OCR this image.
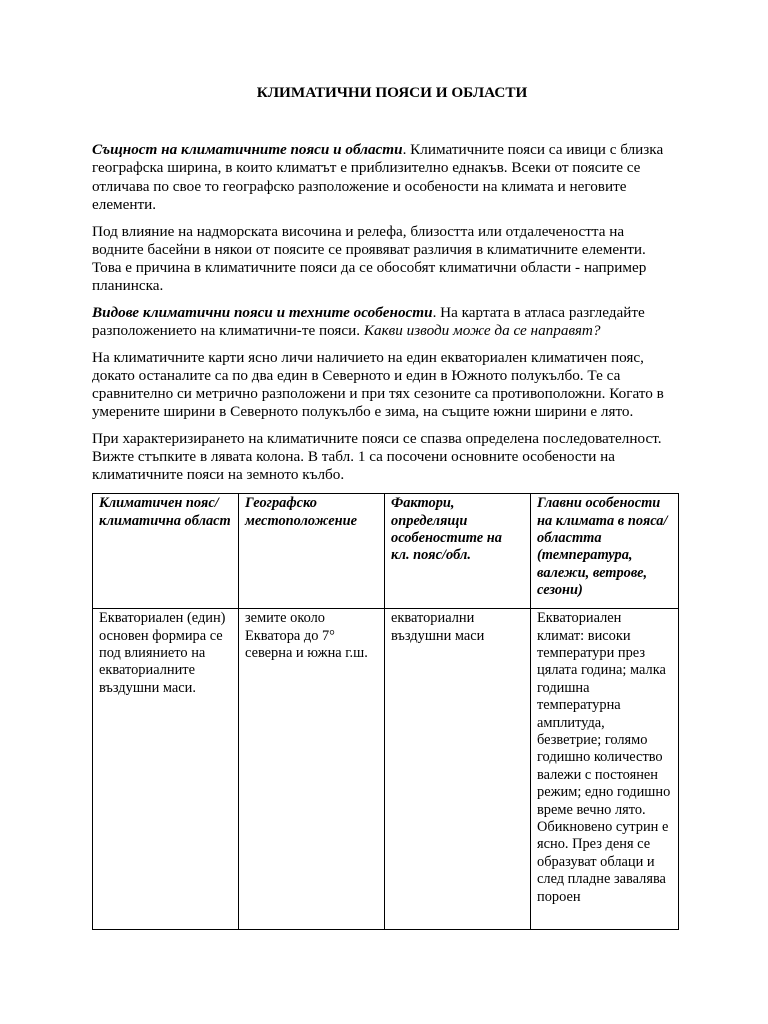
КЛИМАТИЧНИ ПОЯСИ И ОБЛАСТИ

Същност на климатичните пояси и области. Климатичните пояси са ивици с близка географска ширина, в които климатът е приблизително еднакъв. Всеки от поясите се отличава по свое то географско разположение и особености на климата и неговите елементи.

Под влияние на надморската височина и релефа, близостта или отдалечеността на водните басейни в някои от поясите се проявяват различия в климатичните елементи. Това е причина в климатичните пояси да се обособят климатични области - например планинска.

Видове климатични пояси и техните особености. На картата в атласа разгледайте разположението на климатични-те пояси. Какви изводи може да се направят?

На климатичните карти ясно личи наличието на един екваториален климатичен пояс, докато останалите са по два един в Северното и един в Южното полукълбо. Те са сравнително си метрично разположени и при тях сезоните са противоположни. Когато в умерените ширини в Северното полукълбо е зима, на същите южни ширини е лято.

При характеризирането на климатичните пояси се спазва определена последователност. Вижте стъпките в лявата колона. В табл. 1 са посочени основните особености на климатичните пояси на земното кълбо.

Климатичен пояс/климатична област	Географско местоположение	Фактори, определящи особеностите на кл. пояс/обл.	Главни особености на климата в пояса/областта (температура, валежи, ветрове, сезони)
Екваториален (един) основен формира се под влиянието на екваториалните въздушни маси.	земите около Екватора до 7° северна и южна г.ш.	екваториални въздушни маси	Екваториален климат: високи температури през цялата година; малка годишна температурна амплитуда, безветрие; голямо годишно количество валежи с постоянен режим; едно годишно време вечно лято. Обикновено сутрин е ясно. През деня се образуват облаци и след пладне завалява пороен
